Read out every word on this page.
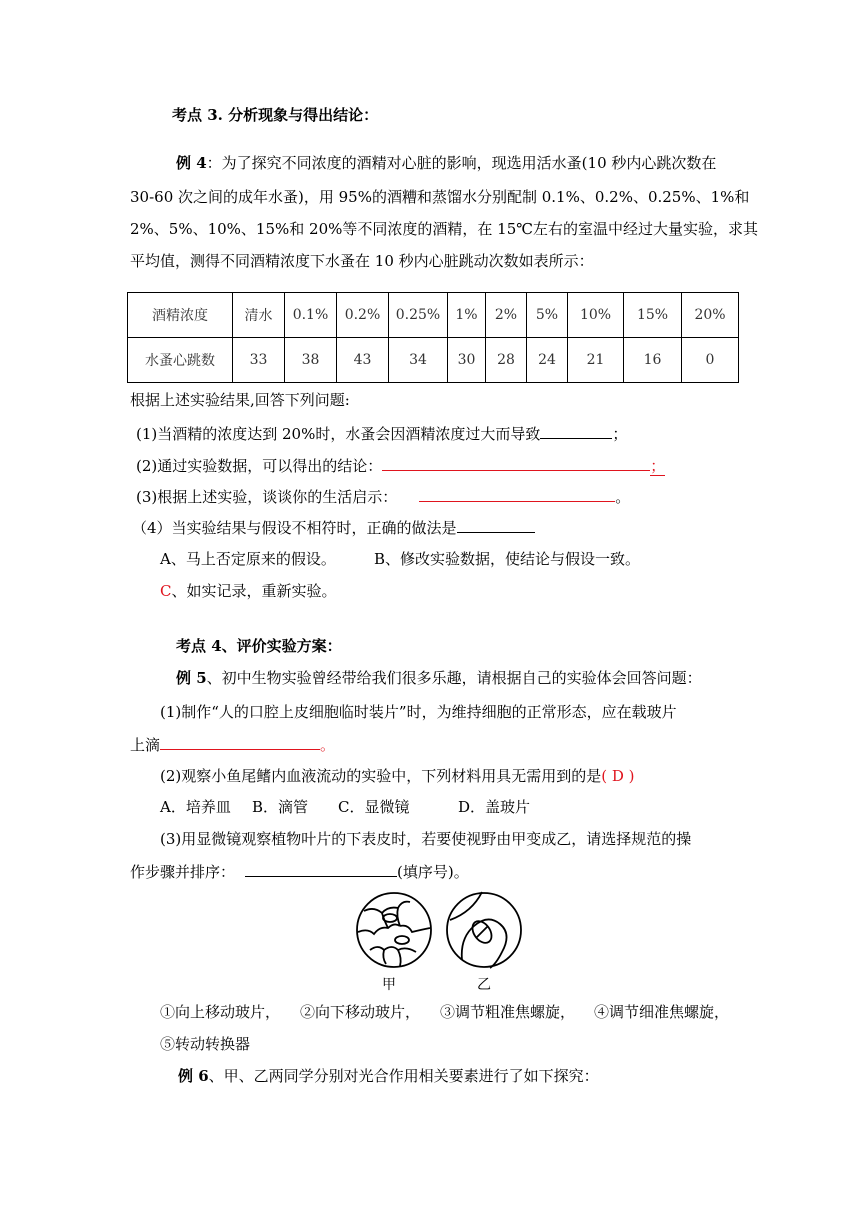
考点 3. 分析现象与得出结论：
例 4：为了探究不同浓度的酒精对心脏的影响，现选用活水蚤(10 秒内心跳次数在
30-60 次之间的成年水蚤)，用 95%的酒糟和蒸馏水分别配制 0.1%、0.2%、0.25%、1%和
2%、5%、10%、15%和 20%等不同浓度的酒精，在 15℃左右的室温中经过大量实验，求其
平均值，测得不同酒精浓度下水蚤在 10 秒内心脏跳动次数如表所示：
酒精浓度	清水	0.1%	0.2%	0.25%	1%	2%	5%	10%	15%	20%
水蚤心跳数	33	38	43	34	30	28	24	21	16	0
根据上述实验结果,回答下列问题:
(1)当酒精的浓度达到 20%时，水蚤会因酒精浓度过大而导致	；
(2)通过实验数据，可以得出的结论：	；
(3)根据上述实验，谈谈你的生活启示：	。
（4）当实验结果与假设不相符时，正确的做法是
A、马上否定原来的假设。	B、修改实验数据，使结论与假设一致。
C、如实记录，重新实验。
考点 4、评价实验方案：
例 5、初中生物实验曾经带给我们很多乐趣，请根据自己的实验体会回答问题：
(1)制作“人的口腔上皮细胞临时装片”时，为维持细胞的正常形态，应在载玻片
上滴	。
(2)观察小鱼尾鳍内血液流动的实验中，下列材料用具无需用到的是( D )
A．培养皿 B．滴管 C．显微镜	D．盖玻片
(3)用显微镜观察植物叶片的下表皮时，若要使视野由甲变成乙，请选择规范的操
作步骤并排序：	(填序号)。
甲	乙
①向上移动玻片， ②向下移动玻片， ③调节粗准焦螺旋， ④调节细准焦螺旋，
⑤转动转换器
例 6、甲、乙两同学分别对光合作用相关要素进行了如下探究：
